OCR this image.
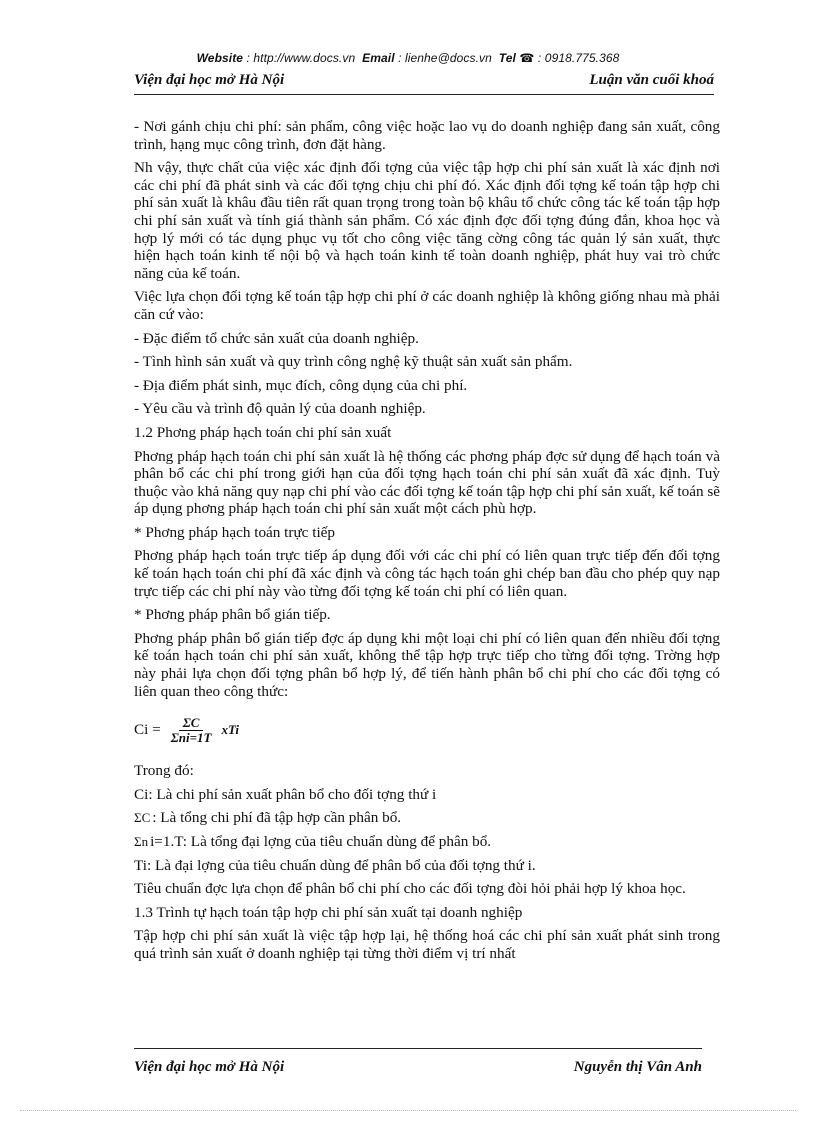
Website : http://www.docs.vn Email : lienhe@docs.vn Tel ☎ : 0918.775.368
Viện đại học mở Hà Nội	Luận văn cuối khoá

- Nơi gánh chịu chi phí: sản phẩm, công việc hoặc lao vụ do doanh nghiệp đang sản xuất, công trình, hạng mục công trình, đơn đặt hàng.

Nh vậy, thực chất của việc xác định đối tợng của việc tập hợp chi phí sản xuất là xác định nơi các chi phí đã phát sinh và các đối tợng chịu chi phí đó. Xác định đối tợng kế toán tập hợp chi phí sản xuất là khâu đầu tiên rất quan trọng trong toàn bộ khâu tổ chức công tác kế toán tập hợp chi phí sản xuất và tính giá thành sản phẩm. Có xác định đợc đối tợng đúng đắn, khoa học và hợp lý mới có tác dụng phục vụ tốt cho công việc tăng cờng công tác quản lý sản xuất, thực hiện hạch toán kinh tế nội bộ và hạch toán kinh tế toàn doanh nghiệp, phát huy vai trò chức năng của kế toán.

Việc lựa chọn đối tợng kế toán tập hợp chi phí ở các doanh nghiệp là không giống nhau mà phải căn cứ vào:

- Đặc điểm tổ chức sản xuất của doanh nghiệp.

- Tình hình sản xuất và quy trình công nghệ kỹ thuật sản xuất sản phẩm.

- Địa điểm phát sinh, mục đích, công dụng của chi phí.

- Yêu cầu và trình độ quản lý của doanh nghiệp.

1.2 Phơng pháp hạch toán chi phí sản xuất

Phơng pháp hạch toán chi phí sản xuất là hệ thống các phơng pháp đợc sử dụng để hạch toán và phân bổ các chi phí trong giới hạn của đối tợng hạch toán chi phí sản xuất đã xác định. Tuỳ thuộc vào khả năng quy nạp chi phí vào các đối tợng kế toán tập hợp chi phí sản xuất, kế toán sẽ áp dụng phơng pháp hạch toán chi phí sản xuất một cách phù hợp.

* Phơng pháp hạch toán trực tiếp

Phơng pháp hạch toán trực tiếp áp dụng đối với các chi phí có liên quan trực tiếp đến đối tợng kế toán hạch toán chi phí đã xác định và công tác hạch toán ghi chép ban đầu cho phép quy nạp trực tiếp các chi phí này vào từng đối tợng kế toán chi phí có liên quan.

* Phơng pháp phân bổ gián tiếp.

Phơng pháp phân bổ gián tiếp đợc áp dụng khi một loại chi phí có liên quan đến nhiều đối tợng kế toán hạch toán chi phí sản xuất, không thể tập hợp trực tiếp cho từng đối tợng. Trờng hợp này phải lựa chọn đối tợng phân bổ hợp lý, để tiến hành phân bổ chi phí cho các đối tợng có liên quan theo công thức:

$Ci = \frac{\Sigma C}{\text{Σni=1T}}$ xTi

Trong đó:

Ci: Là chi phí sản xuất phân bổ cho đối tợng thứ i

ΣC : Là tổng chi phí đã tập hợp cần phân bổ.
Σn i=1.T: Là tổng đại lợng của tiêu chuẩn dùng để phân bổ.

Ti: Là đại lợng của tiêu chuẩn dùng để phân bổ của đối tợng thứ i.

Tiêu chuẩn đợc lựa chọn để phân bổ chi phí cho các đối tợng đòi hỏi phải hợp lý khoa học.

1.3 Trình tự hạch toán tập hợp chi phí sản xuất tại doanh nghiệp

Tập hợp chi phí sản xuất là việc tập hợp lại, hệ thống hoá các chi phí sản xuất phát sinh trong quá trình sản xuất ở doanh nghiệp tại từng thời điểm vị trí nhất

Viện đại học mở Hà Nội	Nguyễn thị Vân Anh
